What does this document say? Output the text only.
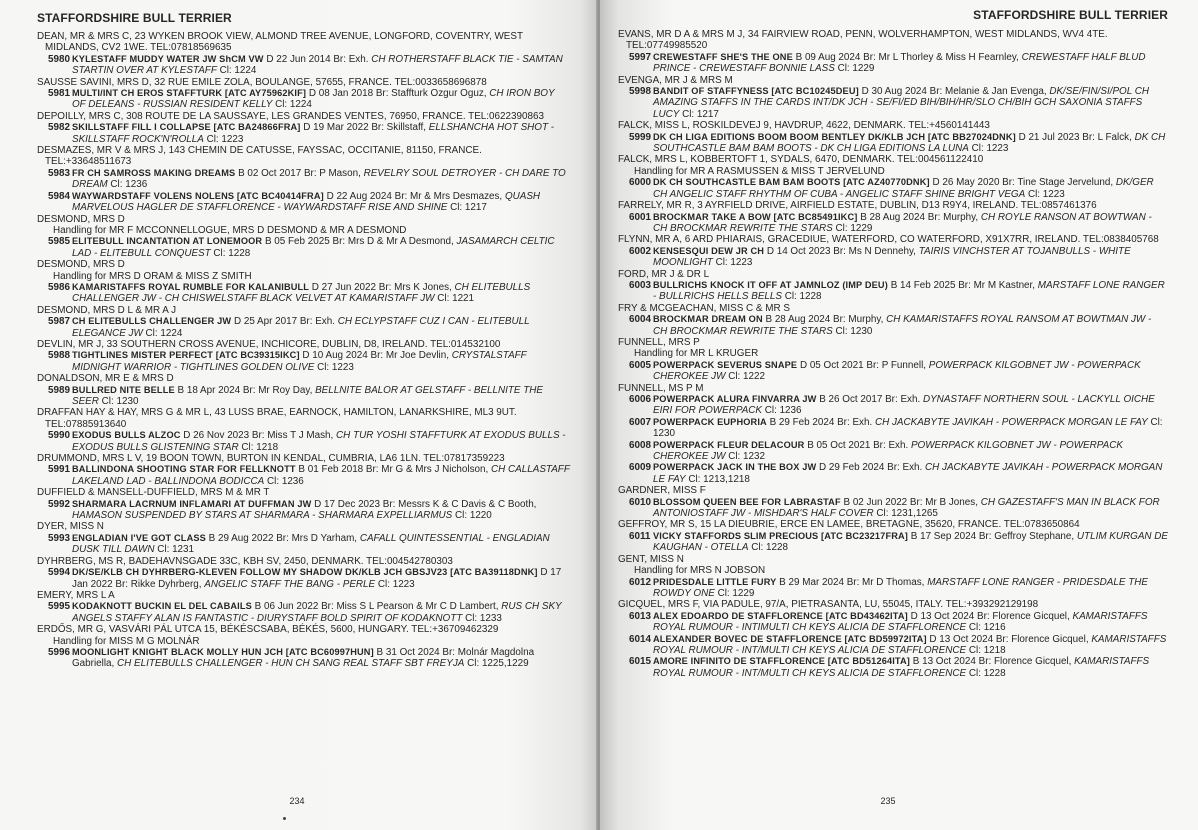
STAFFORDSHIRE BULL TERRIER
DEAN, MR & MRS C, 23 WYKEN BROOK VIEW, ALMOND TREE AVENUE, LONGFORD, COVENTRY, WEST MIDLANDS, CV2 1WE. TEL:07818569635
5980 KYLESTAFF MUDDY WATER JW ShCM VW D 22 Jun 2014 Br: Exh. CH ROTHERSTAFF BLACK TIE - SAMTAN STARTIN OVER AT KYLESTAFF Cl: 1224
SAUSSE SAVINI, MRS D, 32 RUE EMILE ZOLA, BOULANGE, 57655, FRANCE. TEL:0033658696878
5981 MULTI/INT CH EROS STAFFTURK [ATC AY75962KIF] D 08 Jan 2018 Br: Staffturk Ozgur Oguz, CH IRON BOY OF DELEANS - RUSSIAN RESIDENT KELLY Cl: 1224
DEPOILLY, MRS C, 308 ROUTE DE LA SAUSSAYE, LES GRANDES VENTES, 76950, FRANCE. TEL:0622390863
5982 SKILLSTAFF FILL I COLLAPSE [ATC BA24866FRA] D 19 Mar 2022 Br: Skillstaff, ELLSHANCHA HOT SHOT - SKILLSTAFF ROCK'N'ROLLA Cl: 1223
DESMAZES, MR V & MRS J, 143 CHEMIN DE CATUSSE, FAYSSAC, OCCITANIE, 81150, FRANCE. TEL:+33648511673
5983 FR CH SAMROSS MAKING DREAMS B 02 Oct 2017 Br: P Mason, REVELRY SOUL DETROYER - CH DARE TO DREAM Cl: 1236
5984 WAYWARDSTAFF VOLENS NOLENS [ATC BC40414FRA] D 22 Aug 2024 Br: Mr & Mrs Desmazes, QUASH MARVELOUS HAGLER DE STAFFLORENCE - WAYWARDSTAFF RISE AND SHINE Cl: 1217
DESMOND, MRS D
Handling for MR F MCCONNELLOGUE, MRS D DESMOND & MR A DESMOND
5985 ELITEBULL INCANTATION AT LONEMOOR B 05 Feb 2025 Br: Mrs D & Mr A Desmond, JASAMARCH CELTIC LAD - ELITEBULL CONQUEST Cl: 1228
DESMOND, MRS D
Handling for MRS D ORAM & MISS Z SMITH
5986 KAMARISTAFFS ROYAL RUMBLE FOR KALANIBULL D 27 Jun 2022 Br: Mrs K Jones, CH ELITEBULLS CHALLENGER JW - CH CHISWELSTAFF BLACK VELVET AT KAMARISTAFF JW Cl: 1221
DESMOND, MRS D L & MR A J
5987 CH ELITEBULLS CHALLENGER JW D 25 Apr 2017 Br: Exh. CH ECLYPSTAFF CUZ I CAN - ELITEBULL ELEGANCE JW Cl: 1224
DEVLIN, MR J, 33 SOUTHERN CROSS AVENUE, INCHICORE, DUBLIN, D8, IRELAND. TEL:014532100
5988 TIGHTLINES MISTER PERFECT [ATC BC39315IKC] D 10 Aug 2024 Br: Mr Joe Devlin, CRYSTALSTAFF MIDNIGHT WARRIOR - TIGHTLINES GOLDEN OLIVE Cl: 1223
DONALDSON, MR E & MRS D
5989 BULLRED NITE BELLE B 18 Apr 2024 Br: Mr Roy Day, BELLNITE BALOR AT GELSTAFF - BELLNITE THE SEER Cl: 1230
DRAFFAN HAY & HAY, MRS G & MR L, 43 LUSS BRAE, EARNOCK, HAMILTON, LANARKSHIRE, ML3 9UT. TEL:07885913640
5990 EXODUS BULLS ALZOC D 26 Nov 2023 Br: Miss T J Mash, CH TUR YOSHI STAFFTURK AT EXODUS BULLS - EXODUS BULLS GLISTENING STAR Cl: 1218
DRUMMOND, MRS L V, 19 BOON TOWN, BURTON IN KENDAL, CUMBRIA, LA6 1LN. TEL:07817359223
5991 BALLINDONA SHOOTING STAR FOR FELLKNOTT B 01 Feb 2018 Br: Mr G & Mrs J Nicholson, CH CALLASTAFF LAKELAND LAD - BALLINDONA BODICCA Cl: 1236
DUFFIELD & MANSELL-DUFFIELD, MRS M & MR T
5992 SHARMARA LACRNUM INFLAMARI AT DUFFMAN JW D 17 Dec 2023 Br: Messrs K & C Davis & C Booth, HAMASON SUSPENDED BY STARS AT SHARMARA - SHARMARA EXPELLIARMUS Cl: 1220
DYER, MISS N
5993 ENGLADIAN I'VE GOT CLASS B 29 Aug 2022 Br: Mrs D Yarham, CAFALL QUINTESSENTIAL - ENGLADIAN DUSK TILL DAWN Cl: 1231
DYHRBERG, MS R, BADEHAVNSGADE 33C, KBH SV, 2450, DENMARK. TEL:004542780303
5994 DK/SE/KLB CH DYHRBERG-KLEVEN FOLLOW MY SHADOW DK/KLB JCH GBSJV23 [ATC BA39118DNK] D 17 Jan 2022 Br: Rikke Dyhrberg, ANGELIC STAFF THE BANG - PERLE Cl: 1223
EMERY, MRS L A
5995 KODAKNOTT BUCKIN EL DEL CABAILS B 06 Jun 2022 Br: Miss S L Pearson & Mr C D Lambert, RUS CH SKY ANGELS STAFFY ALAN IS FANTASTIC - DIURYSTAFF BOLD SPIRIT OF KODAKNOTT Cl: 1233
ERDŐS, MR G, VASVÁRI PÁL UTCA 15, BÉKÉSCSABA, BÉKÉS, 5600, HUNGARY. TEL:+36709462329
Handling for MISS M G MOLNÁR
5996 MOONLIGHT KNIGHT BLACK MOLLY HUN JCH [ATC BC60997HUN] B 31 Oct 2024 Br: Molnár Magdolna Gabriella, CH ELITEBULLS CHALLENGER - HUN CH SANG REAL STAFF SBT FREYJA Cl: 1225,1229
234
STAFFORDSHIRE BULL TERRIER
EVANS, MR D A & MRS M J, 34 FAIRVIEW ROAD, PENN, WOLVERHAMPTON, WEST MIDLANDS, WV4 4TE. TEL:07749985520
5997 CREWESTAFF SHE'S THE ONE B 09 Aug 2024 Br: Mr L Thorley & Miss H Fearnley, CREWESTAFF HALF BLUD PRINCE - CREWESTAFF BONNIE LASS Cl: 1229
EVENGA, MR J & MRS M
5998 BANDIT OF STAFFYNESS [ATC BC10245DEU] D 30 Aug 2024 Br: Melanie & Jan Evenga, DK/SE/FIN/SI/POL CH AMAZING STAFFS IN THE CARDS INT/DK JCH - SE/FI/ED BIH/BIH/HR/SLO CH/BIH GCH SAXONIA STAFFS LUCY Cl: 1217
FALCK, MISS L, ROSKILDEVEJ 9, HAVDRUP, 4622, DENMARK. TEL:+4560141443
5999 DK CH LIGA EDITIONS BOOM BOOM BENTLEY DK/KLB JCH [ATC BB27024DNK] D 21 Jul 2023 Br: L Falck, DK CH SOUTHCASTLE BAM BAM BOOTS - DK CH LIGA EDITIONS LA LUNA Cl: 1223
FALCK, MRS L, KOBBERTOFT 1, SYDALS, 6470, DENMARK. TEL:004561122410
Handling for MR A RASMUSSEN & MISS T JERVELUND
6000 DK CH SOUTHCASTLE BAM BAM BOOTS [ATC AZ40770DNK] D 26 May 2020 Br: Tine Stage Jervelund, DK/GER CH ANGELIC STAFF RHYTHM OF CUBA - ANGELIC STAFF SHINE BRIGHT VEGA Cl: 1223
FARRELY, MR R, 3 AYRFIELD DRIVE, AIRFIELD ESTATE, DUBLIN, D13 R9Y4, IRELAND. TEL:0857461376
6001 BROCKMAR TAKE A BOW [ATC BC85491IKC] B 28 Aug 2024 Br: Murphy, CH ROYLE RANSON AT BOWTWAN - CH BROCKMAR REWRITE THE STARS Cl: 1229
FLYNN, MR A, 6 ARD PHIARAIS, GRACEDIUE, WATERFORD, CO WATERFORD, X91X7RR, IRELAND. TEL:0838405768
6002 KENSESQUI DEW JR CH D 14 Oct 2023 Br: Ms N Dennehy, TAIRIS VINCHSTER AT TOJANBULLS - WHITE MOONLIGHT Cl: 1223
FORD, MR J & DR L
6003 BULLRICHS KNOCK IT OFF AT JAMNLOZ (IMP DEU) B 14 Feb 2025 Br: Mr M Kastner, MARSTAFF LONE RANGER - BULLRICHS HELLS BELLS Cl: 1228
FRY & MCGEACHAN, MISS C & MR S
6004 BROCKMAR DREAM ON B 28 Aug 2024 Br: Murphy, CH KAMARISTAFFS ROYAL RANSOM AT BOWTMAN JW - CH BROCKMAR REWRITE THE STARS Cl: 1230
FUNNELL, MRS P
Handling for MR L KRUGER
6005 POWERPACK SEVERUS SNAPE D 05 Oct 2021 Br: P Funnell, POWERPACK KILGOBNET JW - POWERPACK CHEROKEE JW Cl: 1222
FUNNELL, MS P M
6006 POWERPACK ALURA FINVARRA JW B 26 Oct 2017 Br: Exh. DYNASTAFF NORTHERN SOUL - LACKYLL OICHE EIRI FOR POWERPACK Cl: 1236
6007 POWERPACK EUPHORIA B 29 Feb 2024 Br: Exh. CH JACKABYTE JAVIKAH - POWERPACK MORGAN LE FAY Cl: 1230
6008 POWERPACK FLEUR DELACOUR B 05 Oct 2021 Br: Exh. POWERPACK KILGOBNET JW - POWERPACK CHEROKEE JW Cl: 1232
6009 POWERPACK JACK IN THE BOX JW D 29 Feb 2024 Br: Exh. CH JACKABYTE JAVIKAH - POWERPACK MORGAN LE FAY Cl: 1213,1218
GARDNER, MISS F
6010 BLOSSOM QUEEN BEE FOR LABRASTAF B 02 Jun 2022 Br: Mr B Jones, CH GAZESTAFF'S MAN IN BLACK FOR ANTONIOSTAFF JW - MISHDAR'S HALF COVER Cl: 1231,1265
GEFFROY, MR S, 15 LA DIEUBRIE, ERCE EN LAMEE, BRETAGNE, 35620, FRANCE. TEL:0783650864
6011 VICKY STAFFORDS SLIM PRECIOUS [ATC BC23217FRA] B 17 Sep 2024 Br: Geffroy Stephane, UTLIM KURGAN DE KAUGHAN - OTELLA Cl: 1228
GENT, MISS N
Handling for MRS N JOBSON
6012 PRIDESDALE LITTLE FURY B 29 Mar 2024 Br: Mr D Thomas, MARSTAFF LONE RANGER - PRIDESDALE THE ROWDY ONE Cl: 1229
GICQUEL, MRS F, VIA PADULE, 97/A, PIETRASANTA, LU, 55045, ITALY. TEL:+393292129198
6013 ALEX EDOARDO DE STAFFLORENCE [ATC BD43462ITA] D 13 Oct 2024 Br: Florence Gicquel, KAMARISTAFFS ROYAL RUMOUR - INTIMULTI CH KEYS ALICIA DE STAFFLORENCE Cl: 1216
6014 ALEXANDER BOVEC DE STAFFLORENCE [ATC BD59972ITA] D 13 Oct 2024 Br: Florence Gicquel, KAMARISTAFFS ROYAL RUMOUR - INT/MULTI CH KEYS ALICIA DE STAFFLORENCE Cl: 1218
6015 AMORE INFINITO DE STAFFLORENCE [ATC BD51264ITA] B 13 Oct 2024 Br: Florence Gicquel, KAMARISTAFFS ROYAL RUMOUR - INT/MULTI CH KEYS ALICIA DE STAFFLORENCE Cl: 1228
235
